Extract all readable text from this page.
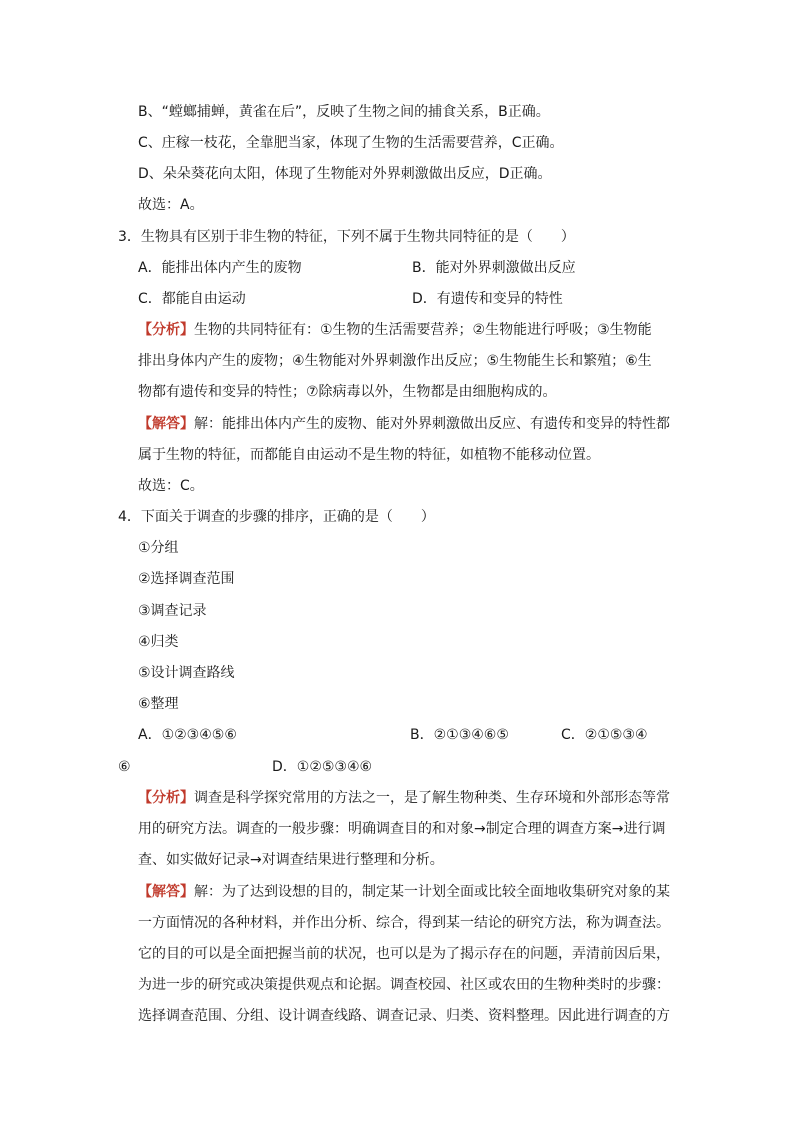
B、“螳螂捕蝉，黄雀在后”，反映了生物之间的捕食关系，B正确。
C、庄稼一枝花，全靠肥当家，体现了生物的生活需要营养，C正确。
D、朵朵葵花向太阳，体现了生物能对外界刺激做出反应，D正确。
故选：A。
3．生物具有区别于非生物的特征，下列不属于生物共同特征的是（　　）
A．能排出体内产生的废物	B．能对外界刺激做出反应
C．都能自由运动	D．有遗传和变异的特性
【分析】生物的共同特征有：①生物的生活需要营养；②生物能进行呼吸；③生物能
排出身体内产生的废物；④生物能对外界刺激作出反应；⑤生物能生长和繁殖；⑥生
物都有遗传和变异的特性；⑦除病毒以外，生物都是由细胞构成的。
【解答】解：能排出体内产生的废物、能对外界刺激做出反应、有遗传和变异的特性都
属于生物的特征，而都能自由运动不是生物的特征，如植物不能移动位置。
故选：C。
4．下面关于调查的步骤的排序，正确的是（　　）
①分组
②选择调查范围
③调查记录
④归类
⑤设计调查路线
⑥整理
A．①②③④⑤⑥	B．②①③④⑥⑤	C．②①⑤③④
⑥	D．①②⑤③④⑥
【分析】调查是科学探究常用的方法之一，是了解生物种类、生存环境和外部形态等常
用的研究方法。调查的一般步骤：明确调查目的和对象→制定合理的调查方案→进行调
查、如实做好记录→对调查结果进行整理和分析。
【解答】解：为了达到设想的目的，制定某一计划全面或比较全面地收集研究对象的某
一方面情况的各种材料，并作出分析、综合，得到某一结论的研究方法，称为调查法。
它的目的可以是全面把握当前的状况，也可以是为了揭示存在的问题，弄清前因后果，
为进一步的研究或决策提供观点和论据。调查校园、社区或农田的生物种类时的步骤：
选择调查范围、分组、设计调查线路、调查记录、归类、资料整理。因此进行调查的方
